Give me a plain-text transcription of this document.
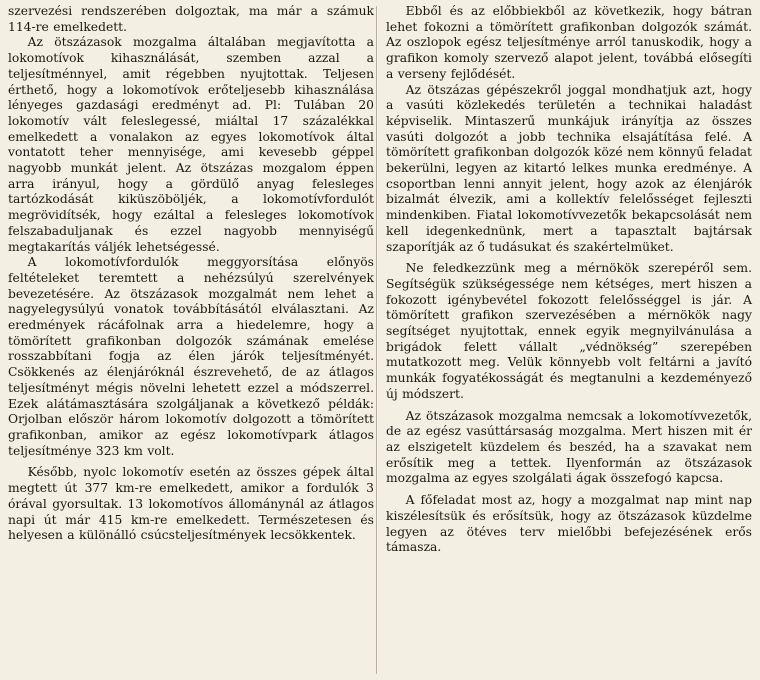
szervezési rendszerében dolgoztak, ma már a számuk 114-re emelkedett.

Az ötszázasok mozgalma általában megjavította a lokomotívok kihasználását, szemben azzal a teljesítménnyel, amit régebben nyujtottak. Teljesen érthető, hogy a lokomotívok erőteljesebb kihasználása lényeges gazdasági eredményt ad. Pl: Tulában 20 lokomotív vált feleslegessé, miáltal 17 százalékkal emelkedett a vonalakon az egyes lokomotívok által vontatott teher mennyisége, ami kevesebb géppel nagyobb munkát jelent. Az ötszázas mozgalom éppen arra irányul, hogy a gördülő anyag felesleges tartózkodását kiküszöböljék, a lokomotívfordulót megrövidítsék, hogy ezáltal a felesleges lokomotívok felszabaduljanak és ezzel nagyobb mennyiségű megtakarítás váljék lehetségessé.

A lokomotívfordulók meggyorsítása előnyös feltételeket teremtett a nehézsúlyú szerelvények bevezetésére. Az ötszázasok mozgalmát nem lehet a nagyelegysúlyú vonatok továbbításától elválasztani. Az eredmények rácáfolnak arra a hiedelemre, hogy a tömörített grafikonban dolgozók számának emelése rosszabbítani fogja az élen járók teljesítményét. Csökkenés az élenjáróknál észrevehető, de az átlagos teljesítményt mégis növelni lehetett ezzel a módszerrel. Ezek alátámasztására szolgáljanak a következő példák: Orjolban először három lokomotív dolgozott a tömörített grafikonban, amikor az egész lokomotívpark átlagos teljesítménye 323 km volt.

Később, nyolc lokomotív esetén az összes gépek által megtett út 377 km-re emelkedett, amikor a fordulók 3 órával gyorsultak. 13 lokomotívos állománynál az átlagos napi út már 415 km-re emelkedett. Természetesen és helyesen a különálló csúcsteljesítmények lecsökkentek.

Ebből és az előbbiekből az következik, hogy bátran lehet fokozni a tömörített grafikonban dolgozók számát. Az oszlopok egész teljesítménye arról tanuskodik, hogy a grafikon komoly szervező alapot jelent, továbbá elősegíti a verseny fejlődését.

Az ötszázas gépészekről joggal mondhatjuk azt, hogy a vasúti közlekedés területén a technikai haladást képviselik. Mintaszerű munkájuk irányítja az összes vasúti dolgozót a jobb technika elsajátítása felé. A tömörített grafikonban dolgozók közé nem könnyű feladat bekerülni, legyen az kitartó lelkes munka eredménye. A csoportban lenni annyit jelent, hogy azok az élenjárók bizalmát élvezik, ami a kollektív felelősséget fejleszti mindenkiben. Fiatal lokomotívvezetők bekapcsolását nem kell idegenkednünk, mert a tapasztalt bajtársak szaporítják az ő tudásukat és szakértelmüket.

Ne feledkezzünk meg a mérnökök szerepéről sem. Segítségük szükségessége nem kétséges, mert hiszen a fokozott igénybevétel fokozott felelősséggel is jár. A tömörített grafikon szervezésében a mérnökök nagy segítséget nyujtottak, ennek egyik megnyilvánulása a brigádok felett vállalt „védnökség” szerepében mutatkozott meg. Velük könnyebb volt feltárni a javító munkák fogyatékosságát és megtanulni a kezdeményező új módszert.

Az ötszázasok mozgalma nemcsak a lokomotívvezetők, de az egész vasúttársaság mozgalma. Mert hiszen mit ér az elszigetelt küzdelem és beszéd, ha a szavakat nem erősítik meg a tettek. Ilyenformán az ötszázasok mozgalma az egyes szolgálati ágak összefogó kapcsa.

A főfeladat most az, hogy a mozgalmat nap mint nap kiszélesítsük és erősítsük, hogy az ötszázasok küzdelme legyen az ötéves terv mielőbbi befejezésének erős támasza.
